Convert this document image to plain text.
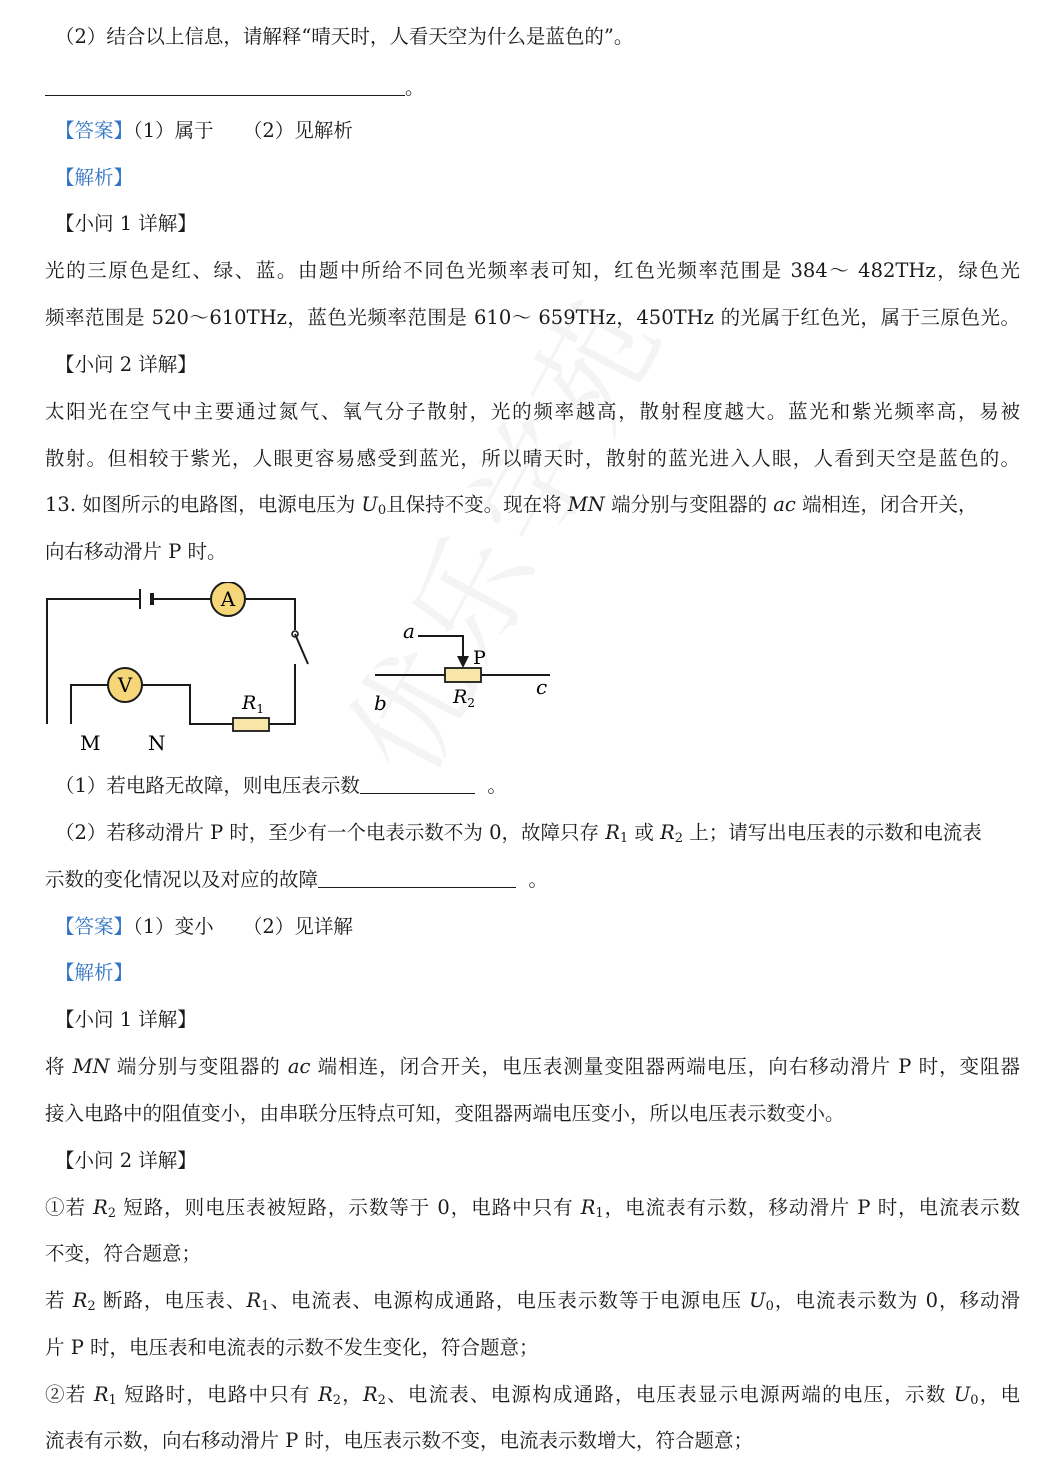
（2）结合以上信息，请解释“晴天时，人看天空为什么是蓝色的”。
。
【答案】（1）属于　　（2）见解析
【解析】
【小问 1 详解】
光的三原色是红、绿、蓝。由题中所给不同色光频率表可知，红色光频率范围是 384～ 482THz，绿色光
频率范围是 520～610THz，蓝色光频率范围是 610～ 659THz，450THz 的光属于红色光，属于三原色光。
【小问 2 详解】
太阳光在空气中主要通过氮气、氧气分子散射，光的频率越高，散射程度越大。蓝光和紫光频率高，易被
散射。但相较于紫光，人眼更容易感受到蓝光，所以晴天时，散射的蓝光进入人眼，人看到天空是蓝色的。
13. 如图所示的电路图，电源电压为 $U_0$且保持不变。现在将 MN 端分别与变阻器的 ac 端相连，闭合开关，
向右移动滑片 P 时。
A
V
$R_1$
M N
a
P
b	$R_2$
c
（1）若电路无故障，则电压表示数	。
（2）若移动滑片 P 时，至少有一个电表示数不为 0，故障只存 $R_1$ 或 $R_2$ 上；请写出电压表的示数和电流表
示数的变化情况以及对应的故障	。
【答案】（1）变小　　（2）见详解
【解析】
【小问 1 详解】
将 MN 端分别与变阻器的 ac 端相连，闭合开关，电压表测量变阻器两端电压，向右移动滑片 P 时，变阻器
接入电路中的阻值变小，由串联分压特点可知，变阻器两端电压变小，所以电压表示数变小。
【小问 2 详解】
①若 $R_2$ 短路，则电压表被短路，示数等于 0，电路中只有 $R_1$，电流表有示数，移动滑片 P 时，电流表示数
不变，符合题意；
若 $R_2$ 断路，电压表、$R_1$、电流表、电源构成通路，电压表示数等于电源电压 $U_0$，电流表示数为 0，移动滑
片 P 时，电压表和电流表的示数不发生变化，符合题意；
②若 $R_1$ 短路时，电路中只有 $R_2$，$R_2$、电流表、电源构成通路，电压表显示电源两端的电压，示数 $U_0$，电
流表有示数，向右移动滑片 P 时，电压表示数不变，电流表示数增大，符合题意；
